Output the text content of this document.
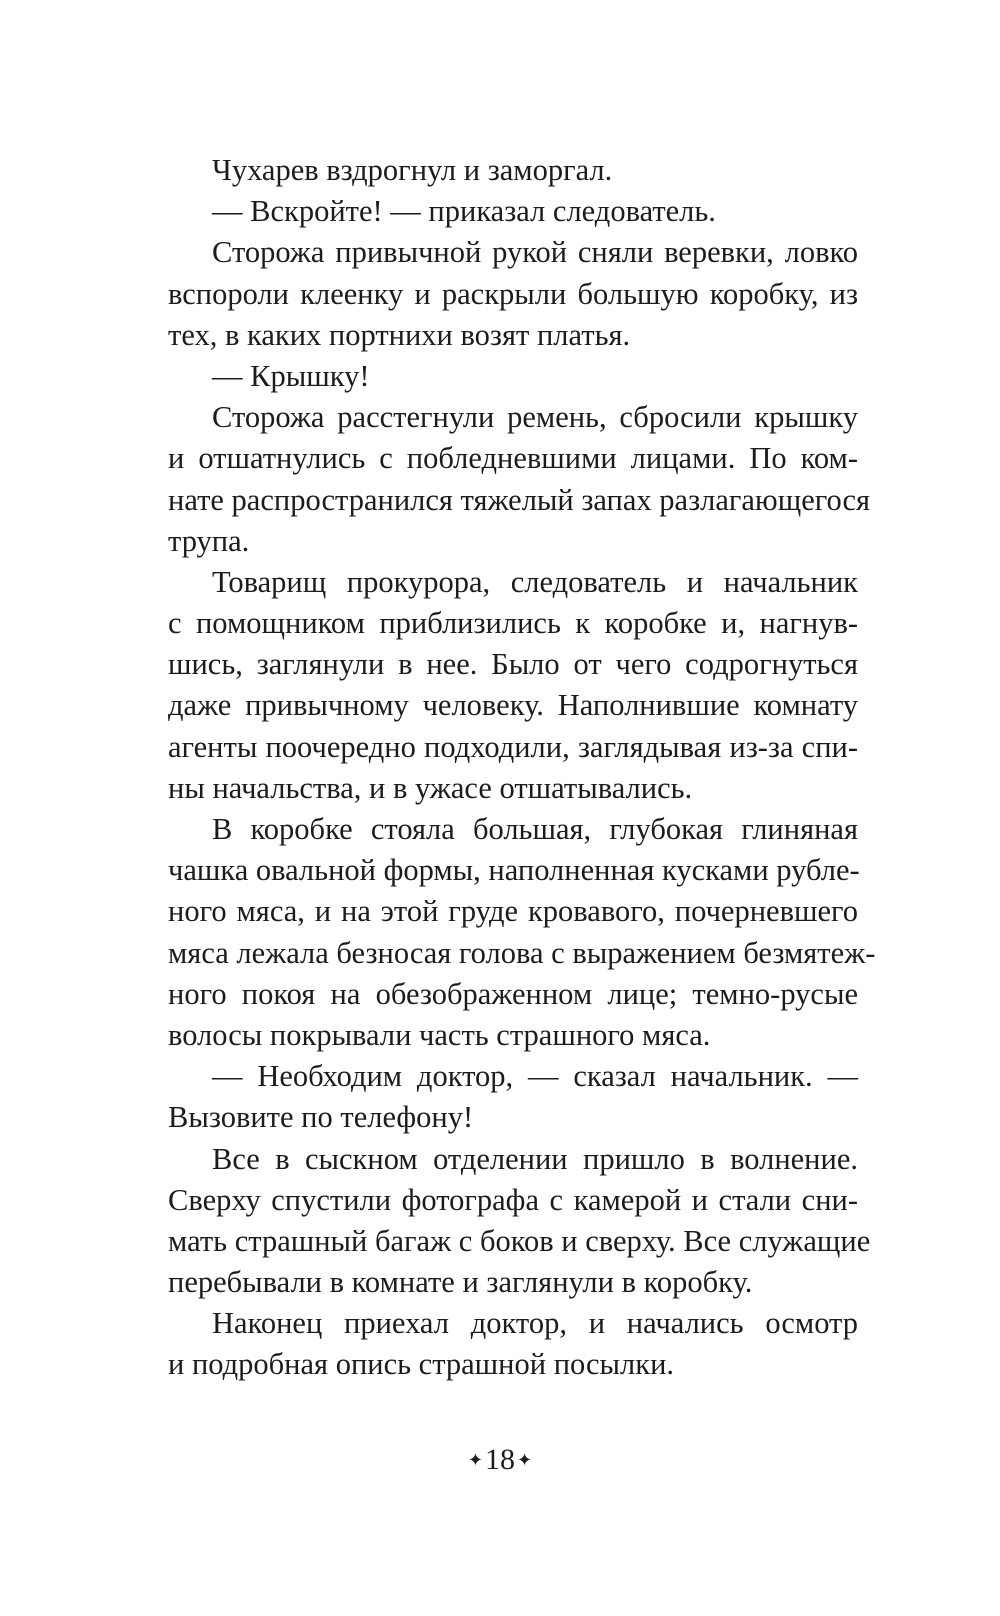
Чухарев вздрогнул и заморгал.
— Вскройте! — приказал следователь.
Сторожа привычной рукой сняли веревки, ловко
вспороли клеенку и раскрыли большую коробку, из
тех, в каких портнихи возят платья.
— Крышку!
Сторожа расстегнули ремень, сбросили крышку
и отшатнулись с побледневшими лицами. По ком-
нате распространился тяжелый запах разлагающегося
трупа.
Товарищ прокурора, следователь и начальник
с помощником приблизились к коробке и, нагнув-
шись, заглянули в нее. Было от чего содрогнуться
даже привычному человеку. Наполнившие комнату
агенты поочередно подходили, заглядывая из-за спи-
ны начальства, и в ужасе отшатывались.
В коробке стояла большая, глубокая глиняная
чашка овальной формы, наполненная кусками рубле-
ного мяса, и на этой груде кровавого, почерневшего
мяса лежала безносая голова с выражением безмятеж-
ного покоя на обезображенном лице; темно-русые
волосы покрывали часть страшного мяса.
— Необходим доктор, — сказал начальник. —
Вызовите по телефону!
Все в сыскном отделении пришло в волнение.
Сверху спустили фотографа с камерой и стали сни-
мать страшный багаж с боков и сверху. Все служащие
перебывали в комнате и заглянули в коробку.
Наконец приехал доктор, и начались осмотр
и подробная опись страшной посылки.
✦18 ✦
